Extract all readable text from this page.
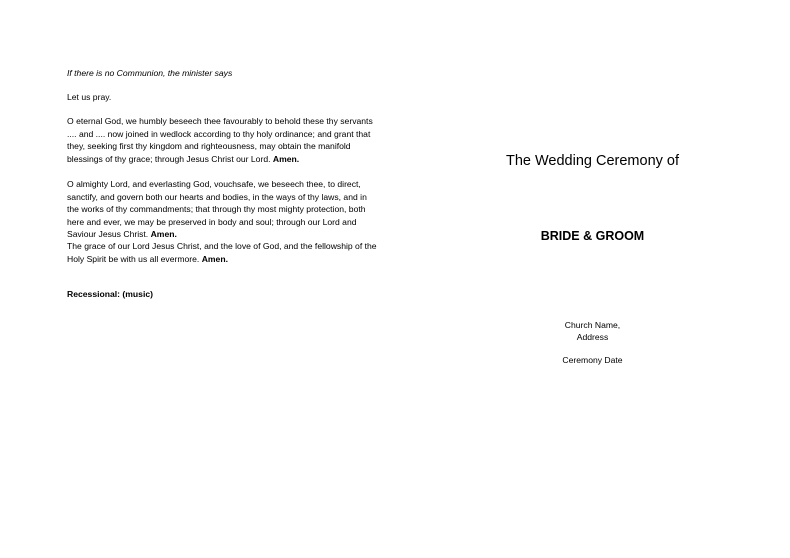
If there is no Communion, the minister says
Let us pray.
O eternal God, we humbly beseech thee favourably to behold these thy servants
.... and .... now joined in wedlock according to thy holy ordinance; and grant that
they, seeking first thy kingdom and righteousness, may obtain the manifold
blessings of thy grace; through Jesus Christ our Lord. Amen.
O almighty Lord, and everlasting God, vouchsafe, we beseech thee, to direct,
sanctify, and govern both our hearts and bodies, in the ways of thy laws, and in
the works of thy commandments; that through thy most mighty protection, both
here and ever, we may be preserved in body and soul; through our Lord and
Saviour Jesus Christ. Amen.
The grace of our Lord Jesus Christ, and the love of God, and the fellowship of the
Holy Spirit be with us all evermore. Amen.
Recessional: (music)
The Wedding Ceremony of
BRIDE & GROOM
Church Name,
Address
Ceremony Date
